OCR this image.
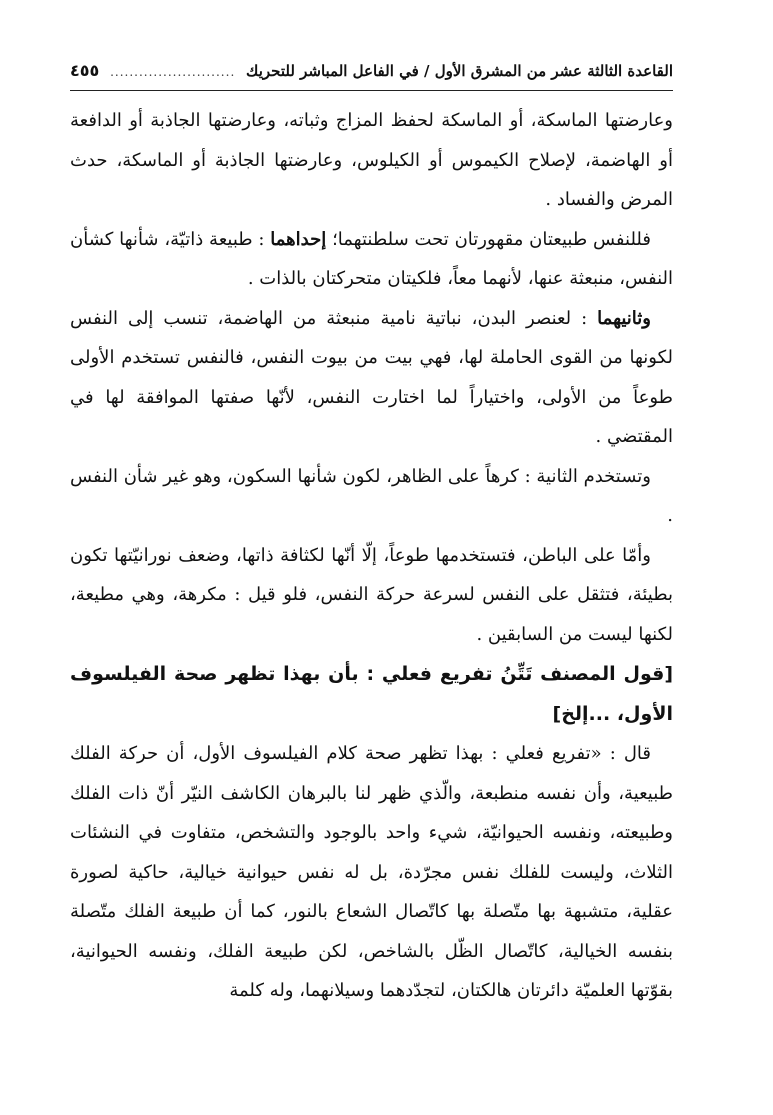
القاعدة الثالثة عشر من المشرق الأول / في الفاعل المباشر للتحريك
..........................
٤٥٥

وعارضتها الماسكة، أو الماسكة لحفظ المزاج وثباته، وعارضتها الجاذبة أو الدافعة أو الهاضمة، لإصلاح الكيموس أو الكيلوس، وعارضتها الجاذبة أو الماسكة، حدث المرض والفساد .

فللنفس طبيعتان مقهورتان تحت سلطنتهما؛ إحداهما : طبيعة ذاتيّة، شأنها كشأن النفس، منبعثة عنها، لأنهما معاً، فلكيتان متحركتان بالذات .

وثانيهما : لعنصر البدن، نباتية نامية منبعثة من الهاضمة، تنسب إلى النفس لكونها من القوى الحاملة لها، فهي بيت من بيوت النفس، فالنفس تستخدم الأولى طوعاً من الأولى، واختياراً لما اختارت النفس، لأنّها صفتها الموافقة لها في المقتضي .

وتستخدم الثانية : كرهاً على الظاهر، لكون شأنها السكون، وهو غير شأن النفس .

وأمّا على الباطن، فتستخدمها طوعاً، إلّا أنّها لكثافة ذاتها، وضعف نورانيّتها تكون بطيئة، فتثقل على النفس لسرعة حركة النفس، فلو قيل : مكرهة، وهي مطيعة، لكنها ليست من السابقين .

[قول المصنف تَتِّنُ تفريع فعلي : بأن بهذا تظهر صحة الفيلسوف الأول، ...إلخ]

قال : «تفريع فعلي : بهذا تظهر صحة كلام الفيلسوف الأول، أن حركة الفلك طبيعية، وأن نفسه منطبعة، والّذي ظهر لنا بالبرهان الكاشف النيّر أنّ ذات الفلك وطبيعته، ونفسه الحيوانيّة، شيء واحد بالوجود والتشخص، متفاوت في النشئات الثلاث، وليست للفلك نفس مجرّدة، بل له نفس حيوانية خيالية، حاكية لصورة عقلية، متشبهة بها متّصلة بها كاتّصال الشعاع بالنور، كما أن طبيعة الفلك متّصلة بنفسه الخيالية، كاتّصال الظّل بالشاخص، لكن طبيعة الفلك، ونفسه الحيوانية، بقوّتها العلميّة دائرتان هالكتان، لتجدّدهما وسيلانهما، وله كلمة
